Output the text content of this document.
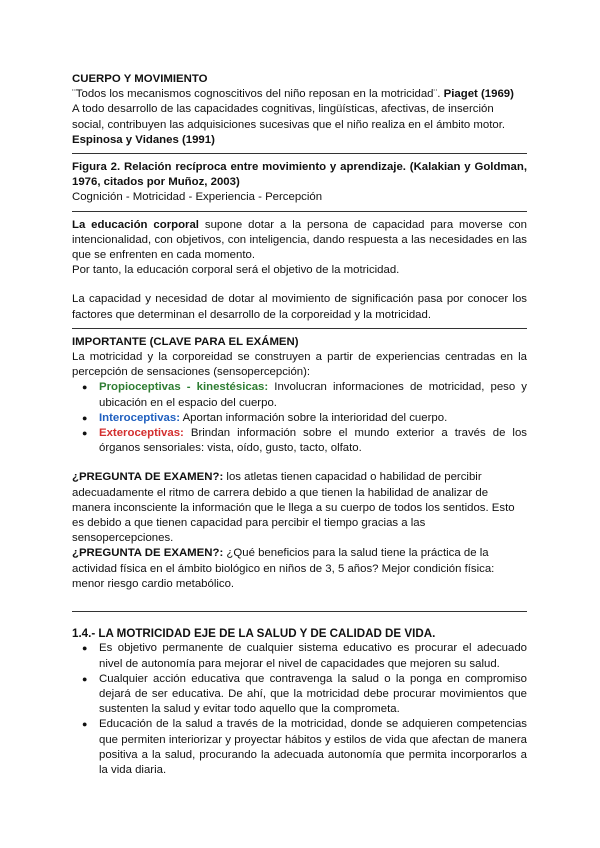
CUERPO Y MOVIMIENTO

¨Todos los mecanismos cognoscitivos del niño reposan en la motricidad¨. Piaget (1969)

A todo desarrollo de las capacidades cognitivas, lingüísticas, afectivas, de inserción social, contribuyen las adquisiciones sucesivas que el niño realiza en el ámbito motor.

Espinosa y Vidanes (1991)

Figura 2. Relación recíproca entre movimiento y aprendizaje. (Kalakian y Goldman, 1976, citados por Muñoz, 2003)

Cognición - Motricidad - Experiencia - Percepción

La educación corporal supone dotar a la persona de capacidad para moverse con intencionalidad, con objetivos, con inteligencia, dando respuesta a las necesidades en las que se enfrenten en cada momento.

Por tanto, la educación corporal será el objetivo de la motricidad.

La capacidad y necesidad de dotar al movimiento de significación pasa por conocer los factores que determinan el desarrollo de la corporeidad y la motricidad.

IMPORTANTE (CLAVE PARA EL EXÁMEN)

La motricidad y la corporeidad se construyen a partir de experiencias centradas en la percepción de sensaciones (sensopercepción):

● Propioceptivas - kinestésicas: Involucran informaciones de motricidad, peso y ubicación en el espacio del cuerpo.
● Interoceptivas: Aportan información sobre la interioridad del cuerpo.
● Exteroceptivas: Brindan información sobre el mundo exterior a través de los órganos sensoriales: vista, oído, gusto, tacto, olfato.

¿PREGUNTA DE EXAMEN?: los atletas tienen capacidad o habilidad de percibir adecuadamente el ritmo de carrera debido a que tienen la habilidad de analizar de manera inconsciente la información que le llega a su cuerpo de todos los sentidos. Esto es debido a que tienen capacidad para percibir el tiempo gracias a las sensopercepciones.

¿PREGUNTA DE EXAMEN?: ¿Qué beneficios para la salud tiene la práctica de la actividad física en el ámbito biológico en niños de 3, 5 años? Mejor condición física: menor riesgo cardio metabólico.

1.4.- LA MOTRICIDAD EJE DE LA SALUD Y DE CALIDAD DE VIDA.

● Es objetivo permanente de cualquier sistema educativo es procurar el adecuado nivel de autonomía para mejorar el nivel de capacidades que mejoren su salud.
● Cualquier acción educativa que contravenga la salud o la ponga en compromiso dejará de ser educativa. De ahí, que la motricidad debe procurar movimientos que sustenten la salud y evitar todo aquello que la comprometa.
● Educación de la salud a través de la motricidad, donde se adquieren competencias que permiten interiorizar y proyectar hábitos y estilos de vida que afectan de manera positiva a la salud, procurando la adecuada autonomía que permita incorporarlos a la vida diaria.
